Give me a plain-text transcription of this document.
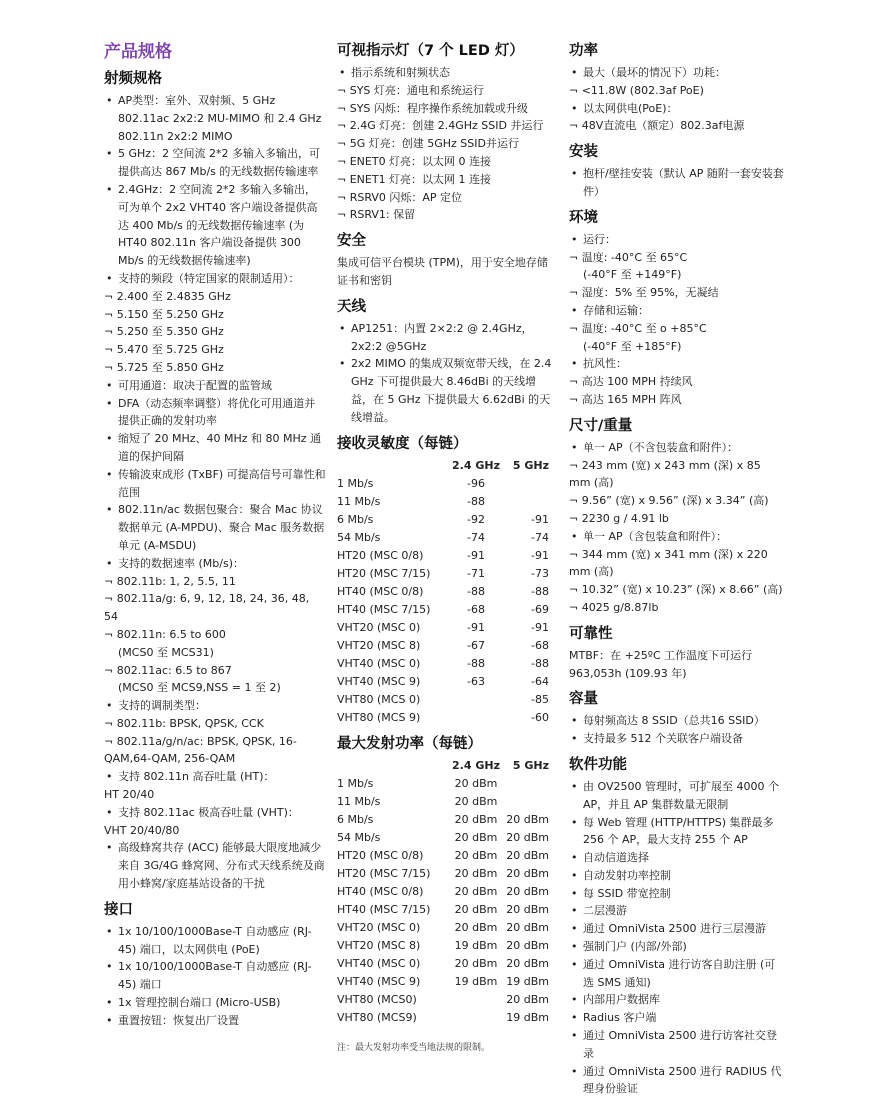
产品规格
射频规格
• AP类型：室外、双射频、5 GHz 802.11ac 2x2:2 MU-MIMO 和 2.4 GHz 802.11n 2x2:2 MIMO
• 5 GHz：2 空间流 2*2 多输入多输出，可提供高达 867 Mb/s 的无线数据传输速率
• 2.4GHz：2 空间流 2*2 多输入多输出，可为单个 2x2 VHT40 客户端设备提供高达 400 Mb/s 的无线数据传输速率 (为 HT40 802.11n 客户端设备提供 300 Mb/s 的无线数据传输速率)
• 支持的频段（特定国家的限制适用）：
¬ 2.400 至 2.4835 GHz
¬ 5.150 至 5.250 GHz
¬ 5.250 至 5.350 GHz
¬ 5.470 至 5.725 GHz
¬ 5.725 至 5.850 GHz
• 可用通道：取决于配置的监管域
• DFA（动态频率调整）将优化可用通道并提供正确的发射功率
• 缩短了 20 MHz、40 MHz 和 80 MHz 通道的保护间隔
• 传输波束成形 (TxBF) 可提高信号可靠性和范围
• 802.11n/ac 数据包聚合：聚合 Mac 协议数据单元 (A-MPDU)、聚合 Mac 服务数据单元 (A-MSDU)
• 支持的数据速率 (Mb/s)：
¬ 802.11b: 1, 2, 5.5, 11
¬ 802.11a/g: 6, 9, 12, 18, 24, 36, 48, 54
¬ 802.11n: 6.5 to 600
(MCS0 至 MCS31)
¬ 802.11ac: 6.5 to 867
(MCS0 至 MCS9,NSS = 1 至 2)
• 支持的调制类型：
¬ 802.11b: BPSK, QPSK, CCK
¬ 802.11a/g/n/ac: BPSK, QPSK, 16-QAM,64-QAM, 256-QAM
• 支持 802.11n 高吞吐量 (HT)：
HT 20/40
• 支持 802.11ac 极高吞吐量 (VHT)：
VHT 20/40/80
• 高级蜂窝共存 (ACC) 能够最大限度地减少来自 3G/4G 蜂窝网、分布式天线系统及商用小蜂窝/家庭基站设备的干扰
接口
• 1x 10/100/1000Base-T 自动感应 (RJ-45) 端口，以太网供电 (PoE)
• 1x 10/100/1000Base-T 自动感应 (RJ-45) 端口
• 1x 管理控制台端口 (Micro-USB)
• 重置按钮：恢复出厂设置
可视指示灯（7 个 LED 灯）
• 指示系统和射频状态
¬ SYS 灯亮：通电和系统运行
¬ SYS 闪烁：程序操作系统加载或升级
¬ 2.4G 灯亮：创建 2.4GHz SSID 并运行
¬ 5G 灯亮：创建 5GHz SSID并运行
¬ ENET0 灯亮：以太网 0 连接
¬ ENET1 灯亮：以太网 1 连接
¬ RSRV0 闪烁：AP 定位
¬ RSRV1: 保留
安全
集成可信平台模块 (TPM)，用于安全地存储证书和密钥
天线
• AP1251：内置 2×2:2 @ 2.4GHz，2x2:2 @5GHz
• 2x2 MIMO 的集成双频宽带天线，在 2.4 GHz 下可提供最大 8.46dBi 的天线增益，在 5 GHz 下提供最大 6.62dBi 的天线增益。
接收灵敏度（每链）
	2.4 GHz	5 GHz
1 Mb/s	-96	
11 Mb/s	-88	
6 Mb/s	-92	-91
54 Mb/s	-74	-74
HT20 (MSC 0/8)	-91	-91
HT20 (MSC 7/15)	-71	-73
HT40 (MSC 0/8)	-88	-88
HT40 (MSC 7/15)	-68	-69
VHT20 (MSC 0)	-91	-91
VHT20 (MSC 8)	-67	-68
VHT40 (MSC 0)	-88	-88
VHT40 (MSC 9)	-63	-64
VHT80 (MCS 0)		-85
VHT80 (MCS 9)		-60
最大发射功率（每链）
	2.4 GHz	5 GHz
1 Mb/s	20 dBm	
11 Mb/s	20 dBm	
6 Mb/s	20 dBm	20 dBm
54 Mb/s	20 dBm	20 dBm
HT20 (MSC 0/8)	20 dBm	20 dBm
HT20 (MSC 7/15)	20 dBm	20 dBm
HT40 (MSC 0/8)	20 dBm	20 dBm
HT40 (MSC 7/15)	20 dBm	20 dBm
VHT20 (MSC 0)	20 dBm	20 dBm
VHT20 (MSC 8)	19 dBm	20 dBm
VHT40 (MSC 0)	20 dBm	20 dBm
VHT40 (MSC 9)	19 dBm	19 dBm
VHT80 (MCS0)		20 dBm
VHT80 (MCS9)		19 dBm
注：最大发射功率受当地法规的限制。
功率
• 最大（最坏的情况下）功耗：
¬ <11.8W (802.3af PoE)
• 以太网供电(PoE)：
¬ 48V直流电（额定）802.3af电源
安装
• 抱杆/壁挂安装（默认 AP 随附一套安装套件）
环境
• 运行：
¬ 温度: -40°C 至 65°C
(-40°F 至 +149°F)
¬ 湿度：5% 至 95%，无凝结
• 存储和运输：
¬ 温度: -40°C 至 o +85°C
(-40°F 至 +185°F)
• 抗风性：
¬ 高达 100 MPH 持续风
¬ 高达 165 MPH 阵风
尺寸/重量
• 单一 AP（不含包装盒和附件）：
¬ 243 mm (宽) x 243 mm (深) x 85 mm (高)
¬ 9.56” (宽) x 9.56” (深) x 3.34” (高)
¬ 2230 g / 4.91 lb
• 单一 AP（含包装盒和附件）：
¬ 344 mm (宽) x 341 mm (深) x 220 mm (高)
¬ 10.32” (宽) x 10.23” (深) x 8.66” (高)
¬ 4025 g/8.87lb
可靠性
MTBF：在 +25ºC 工作温度下可运行 963,053h (109.93 年)
容量
• 每射频高达 8 SSID（总共16 SSID）
• 支持最多 512 个关联客户端设备
软件功能
• 由 OV2500 管理时，可扩展至 4000 个 AP，并且 AP 集群数量无限制
• 每 Web 管理 (HTTP/HTTPS) 集群最多 256 个 AP，最大支持 255 个 AP
• 自动信道选择
• 自动发射功率控制
• 每 SSID 带宽控制
• 二层漫游
• 通过 OmniVista 2500 进行三层漫游
• 强制门户 (内部/外部)
• 通过 OmniVista 进行访客自助注册 (可选 SMS 通知)
• 内部用户数据库
• Radius 客户端
• 通过 OmniVista 2500 进行访客社交登录
• 通过 OmniVista 2500 进行 RADIUS 代理身份验证
